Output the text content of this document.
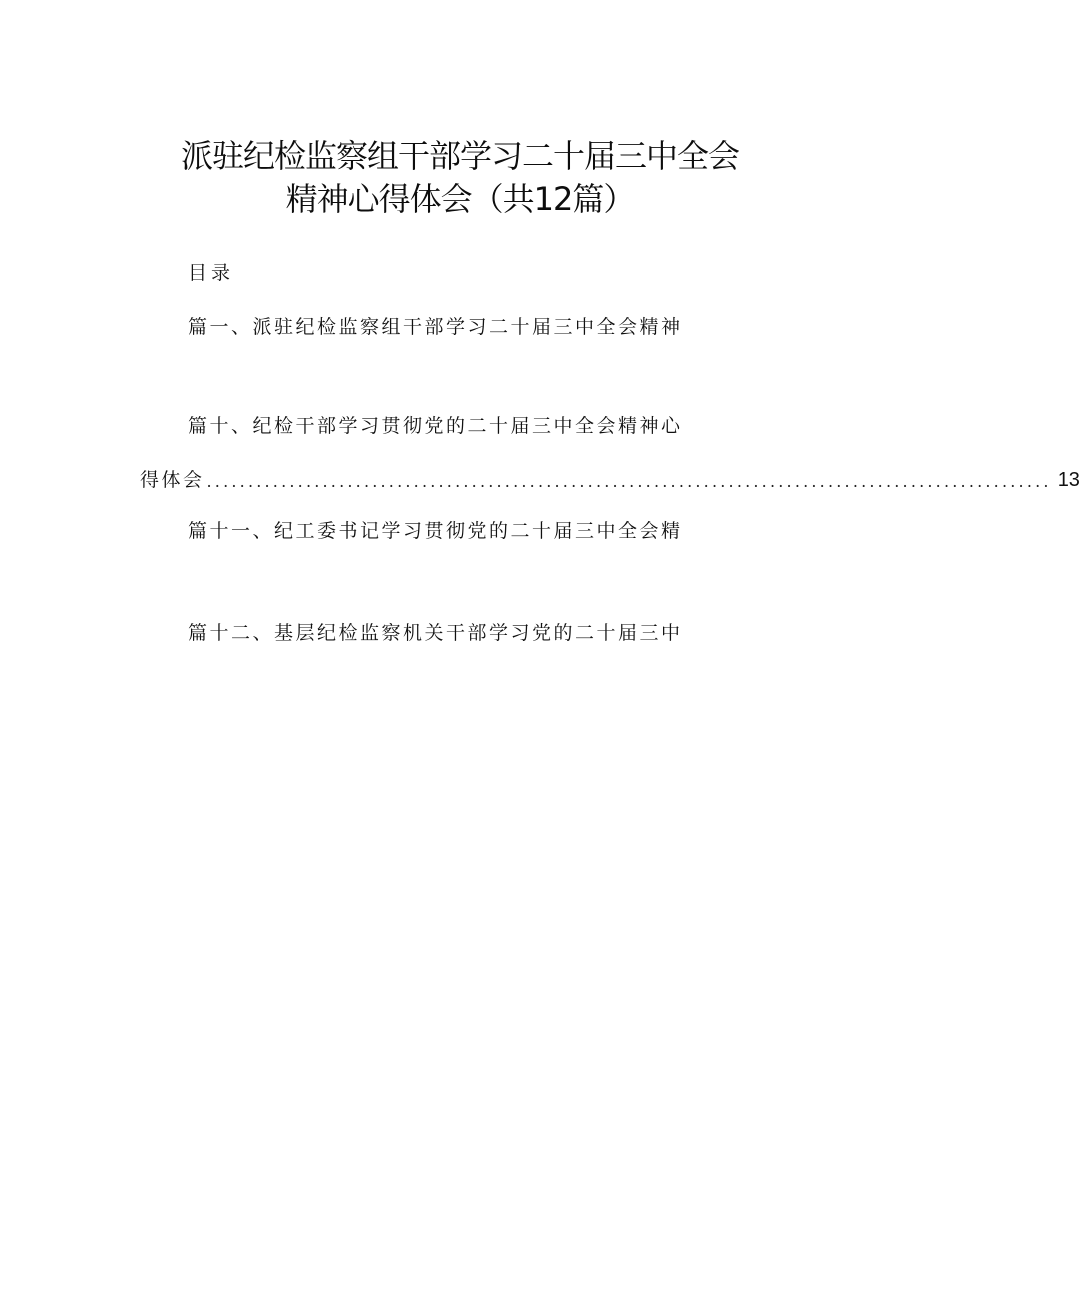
派驻纪检监察组干部学习二十届三中全会
精神心得体会（共12篇）
目录
篇一、派驻纪检监察组干部学习二十届三中全会精神
篇十、纪检干部学习贯彻党的二十届三中全会精神心
得体会 ...................................................................................................... 13
篇十一、纪工委书记学习贯彻党的二十届三中全会精
篇十二、基层纪检监察机关干部学习党的二十届三中
